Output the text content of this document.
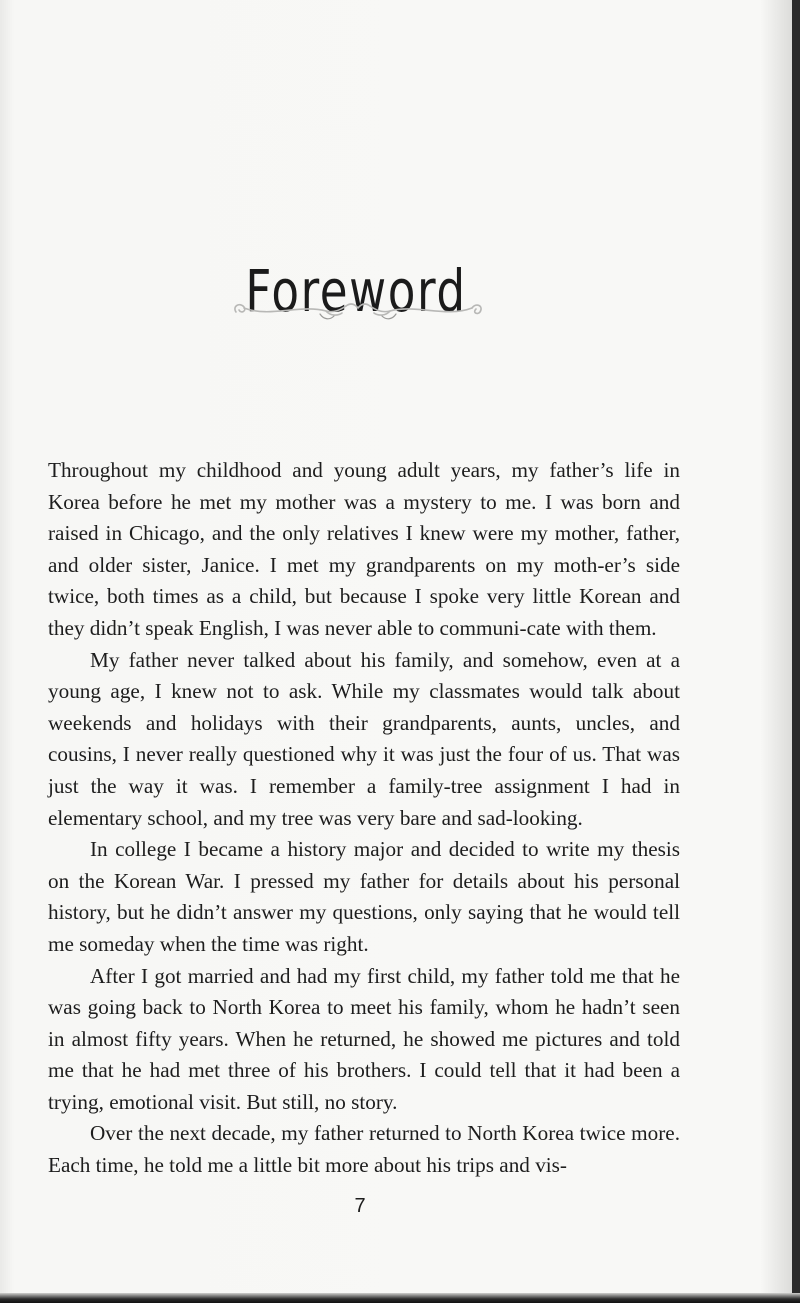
Foreword

Throughout my childhood and young adult years, my father’s life in Korea before he met my mother was a mystery to me. I was born and raised in Chicago, and the only relatives I knew were my mother, father, and older sister, Janice. I met my grandparents on my moth-er’s side twice, both times as a child, but because I spoke very little Korean and they didn’t speak English, I was never able to communi-cate with them.

My father never talked about his family, and somehow, even at a young age, I knew not to ask. While my classmates would talk about weekends and holidays with their grandparents, aunts, uncles, and cousins, I never really questioned why it was just the four of us. That was just the way it was. I remember a family-tree assignment I had in elementary school, and my tree was very bare and sad-looking.

In college I became a history major and decided to write my thesis on the Korean War. I pressed my father for details about his personal history, but he didn’t answer my questions, only saying that he would tell me someday when the time was right.

After I got married and had my first child, my father told me that he was going back to North Korea to meet his family, whom he hadn’t seen in almost fifty years. When he returned, he showed me pictures and told me that he had met three of his brothers. I could tell that it had been a trying, emotional visit. But still, no story.

Over the next decade, my father returned to North Korea twice more. Each time, he told me a little bit more about his trips and vis-

7
